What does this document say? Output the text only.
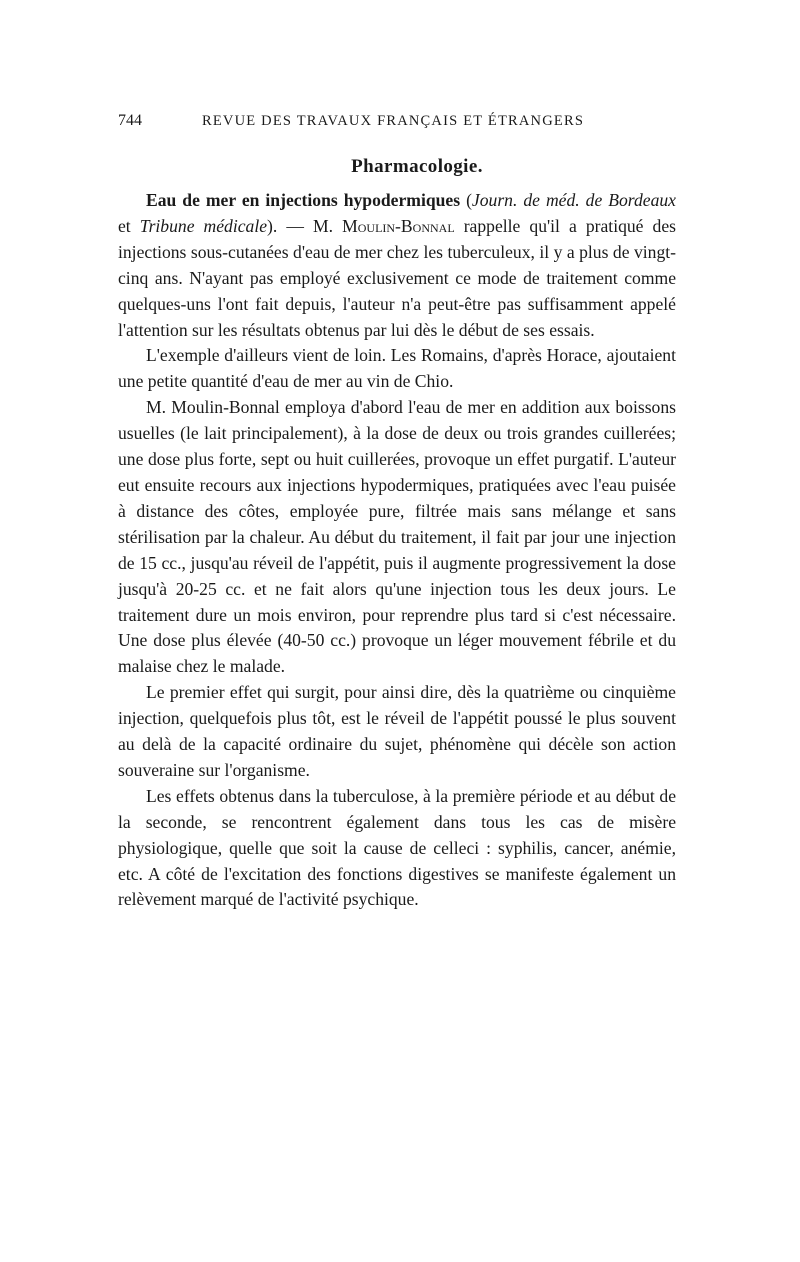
744	REVUE DES TRAVAUX FRANÇAIS ET ÉTRANGERS
Pharmacologie.

Eau de mer en injections hypodermiques (Journ. de méd. de Bordeaux et Tribune médicale). — M. Moulin-Bonnal rappelle qu'il a pratiqué des injections sous-cutanées d'eau de mer chez les tuberculeux, il y a plus de vingt-cinq ans. N'ayant pas employé exclusivement ce mode de traitement comme quelques-uns l'ont fait depuis, l'auteur n'a peut-être pas suffisamment appelé l'attention sur les résultats obtenus par lui dès le début de ses essais.

L'exemple d'ailleurs vient de loin. Les Romains, d'après Horace, ajoutaient une petite quantité d'eau de mer au vin de Chio.

M. Moulin-Bonnal employa d'abord l'eau de mer en addition aux boissons usuelles (le lait principalement), à la dose de deux ou trois grandes cuillerées; une dose plus forte, sept ou huit cuillerées, provoque un effet purgatif. L'auteur eut ensuite recours aux injections hypodermiques, pratiquées avec l'eau puisée à distance des côtes, employée pure, filtrée mais sans mélange et sans stérilisation par la chaleur. Au début du traitement, il fait par jour une injection de 15 cc., jusqu'au réveil de l'appétit, puis il augmente progressivement la dose jusqu'à 20-25 cc. et ne fait alors qu'une injection tous les deux jours. Le traitement dure un mois environ, pour reprendre plus tard si c'est nécessaire. Une dose plus élevée (40-50 cc.) provoque un léger mouvement fébrile et du malaise chez le malade.

Le premier effet qui surgit, pour ainsi dire, dès la quatrième ou cinquième injection, quelquefois plus tôt, est le réveil de l'appétit poussé le plus souvent au delà de la capacité ordinaire du sujet, phénomène qui décèle son action souveraine sur l'organisme.

Les effets obtenus dans la tuberculose, à la première période et au début de la seconde, se rencontrent également dans tous les cas de misère physiologique, quelle que soit la cause de celleci : syphilis, cancer, anémie, etc. A côté de l'excitation des fonctions digestives se manifeste également un relèvement marqué de l'activité psychique.
